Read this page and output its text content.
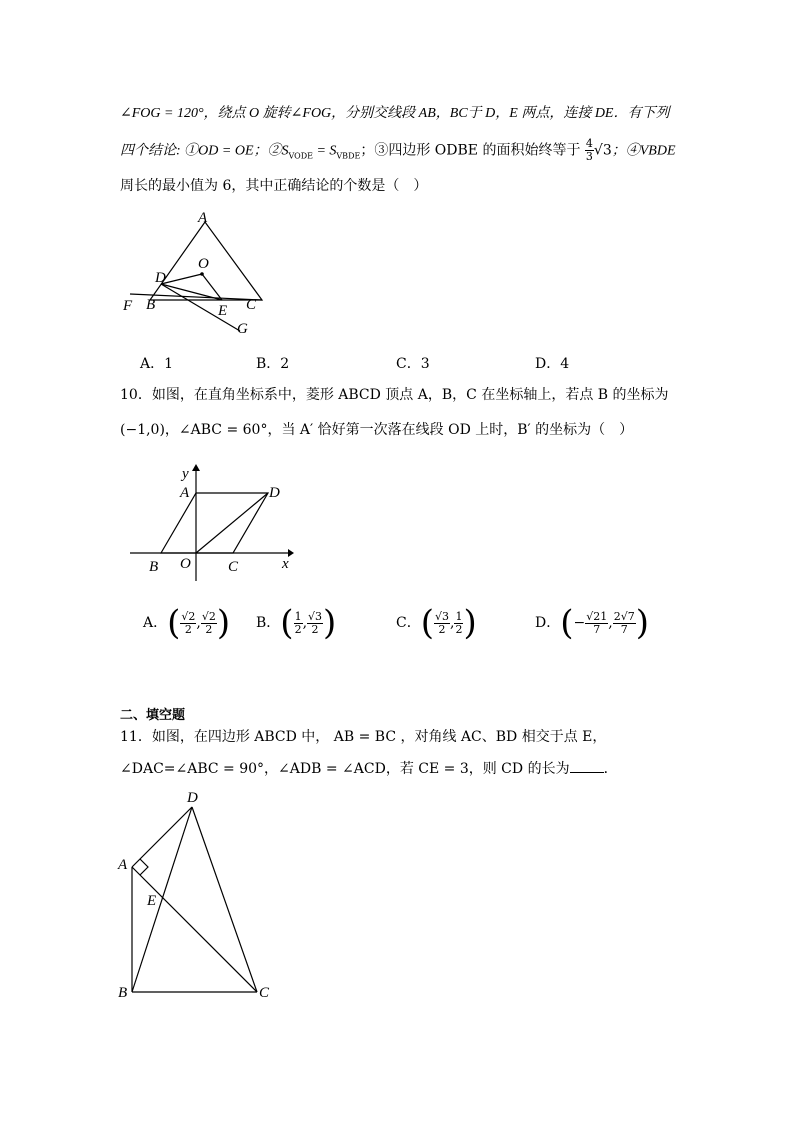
∠FOG = 120°，绕点 O 旋转∠FOG，分别交线段 AB，BC于 D，E 两点，连接 DE．有下列
四个结论: ①OD = OE；$②S_{VODE} = S_{VBDE}$；③四边形 ODBE 的面积始终等于 $\frac{4}{3} √3$；④VBDE
周长的最小值为 6，其中正确结论的个数是（　）
A
O
D
F B	E C
G
A．1	B．2	C．3	D．4
10．如图，在直角坐标系中，菱形 ABCD 顶点 A，B，C 在坐标轴上，若点 B 的坐标为
(−1,0)，∠ABC = 60°，当 A′ 恰好第一次落在线段 OD 上时，B′ 的坐标为（　）
y
A	D
B O C	x
A．( $\frac{√2}{2}$ , $\frac{√2}{2}$ ) B．( $\frac{1}{2}$ , $\frac{√3}{2}$ )	C．( $\frac{√3}{2}$ , $\frac{1}{2}$ )	D．(− $\frac{√21}{7}$ , $\frac{2√7}{7}$ )
二、填空题
11．如图，在四边形 ABCD 中， AB = BC ，对角线 AC、BD 相交于点 E，
∠DAC=∠ABC = 90°，∠ADB = ∠ACD，若 CE = 3，则 CD 的长为 ．
D
A
E
B	C
